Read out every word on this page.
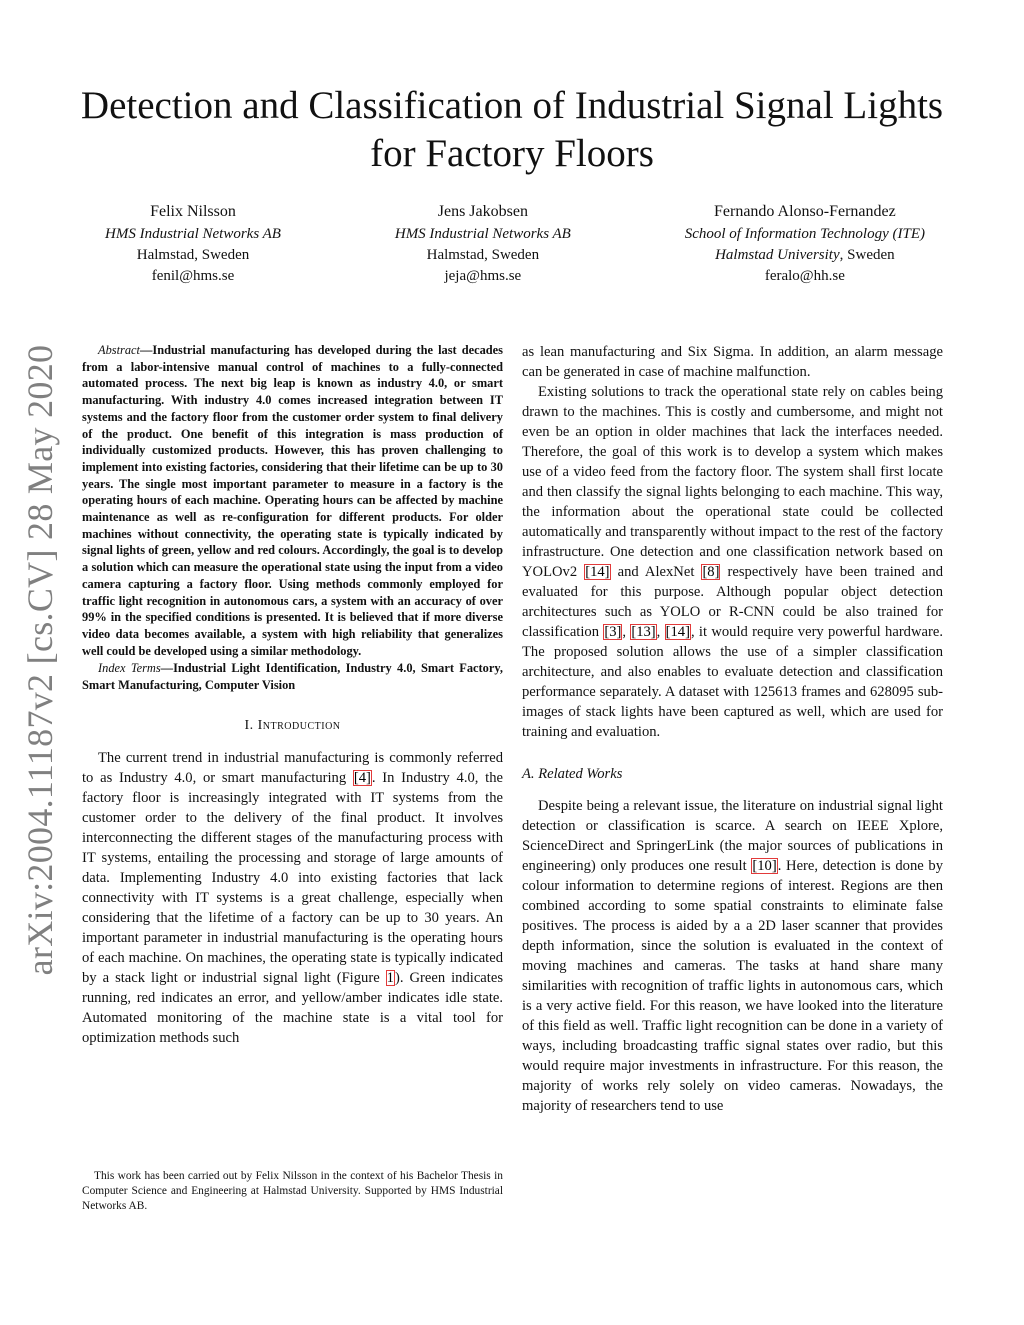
arXiv:2004.11187v2 [cs.CV] 28 May 2020
Detection and Classification of Industrial Signal Lights for Factory Floors
Felix Nilsson
HMS Industrial Networks AB
Halmstad, Sweden
fenil@hms.se
Jens Jakobsen
HMS Industrial Networks AB
Halmstad, Sweden
jeja@hms.se
Fernando Alonso-Fernandez
School of Information Technology (ITE)
Halmstad University, Sweden
feralo@hh.se

Abstract—Industrial manufacturing has developed during the last decades from a labor-intensive manual control of machines to a fully-connected automated process. The next big leap is known as industry 4.0, or smart manufacturing. With industry 4.0 comes increased integration between IT systems and the factory floor from the customer order system to final delivery of the product. One benefit of this integration is mass production of individually customized products. However, this has proven challenging to implement into existing factories, considering that their lifetime can be up to 30 years. The single most important parameter to measure in a factory is the operating hours of each machine. Operating hours can be affected by machine maintenance as well as re-configuration for different products. For older machines without connectivity, the operating state is typically indicated by signal lights of green, yellow and red colours. Accordingly, the goal is to develop a solution which can measure the operational state using the input from a video camera capturing a factory floor. Using methods commonly employed for traffic light recognition in autonomous cars, a system with an accuracy of over 99% in the specified conditions is presented. It is believed that if more diverse video data becomes available, a system with high reliability that generalizes well could be developed using a similar methodology.

Index Terms—Industrial Light Identification, Industry 4.0, Smart Factory, Smart Manufacturing, Computer Vision

I. Introduction

The current trend in industrial manufacturing is commonly referred to as Industry 4.0, or smart manufacturing [4]. In Industry 4.0, the factory floor is increasingly integrated with IT systems from the customer order to the delivery of the final product. It involves interconnecting the different stages of the manufacturing process with IT systems, entailing the processing and storage of large amounts of data. Implementing Industry 4.0 into existing factories that lack connectivity with IT systems is a great challenge, especially when considering that the lifetime of a factory can be up to 30 years. An important parameter in industrial manufacturing is the operating hours of each machine. On machines, the operating state is typically indicated by a stack light or industrial signal light (Figure 1). Green indicates running, red indicates an error, and yellow/amber indicates idle state. Automated monitoring of the machine state is a vital tool for optimization methods such

This work has been carried out by Felix Nilsson in the context of his Bachelor Thesis in Computer Science and Engineering at Halmstad University. Supported by HMS Industrial Networks AB.

as lean manufacturing and Six Sigma. In addition, an alarm message can be generated in case of machine malfunction.

Existing solutions to track the operational state rely on cables being drawn to the machines. This is costly and cumbersome, and might not even be an option in older machines that lack the interfaces needed. Therefore, the goal of this work is to develop a system which makes use of a video feed from the factory floor. The system shall first locate and then classify the signal lights belonging to each machine. This way, the information about the operational state could be collected automatically and transparently without impact to the rest of the factory infrastructure. One detection and one classification network based on YOLOv2 [14] and AlexNet [8] respectively have been trained and evaluated for this purpose. Although popular object detection architectures such as YOLO or R-CNN could be also trained for classification [3], [13], [14], it would require very powerful hardware. The proposed solution allows the use of a simpler classification architecture, and also enables to evaluate detection and classification performance separately. A dataset with 125613 frames and 628095 sub-images of stack lights have been captured as well, which are used for training and evaluation.

A. Related Works

Despite being a relevant issue, the literature on industrial signal light detection or classification is scarce. A search on IEEE Xplore, ScienceDirect and SpringerLink (the major sources of publications in engineering) only produces one result [10]. Here, detection is done by colour information to determine regions of interest. Regions are then combined according to some spatial constraints to eliminate false positives. The process is aided by a a 2D laser scanner that provides depth information, since the solution is evaluated in the context of moving machines and cameras. The tasks at hand share many similarities with recognition of traffic lights in autonomous cars, which is a very active field. For this reason, we have looked into the literature of this field as well. Traffic light recognition can be done in a variety of ways, including broadcasting traffic signal states over radio, but this would require major investments in infrastructure. For this reason, the majority of works rely solely on video cameras. Nowadays, the majority of researchers tend to use
